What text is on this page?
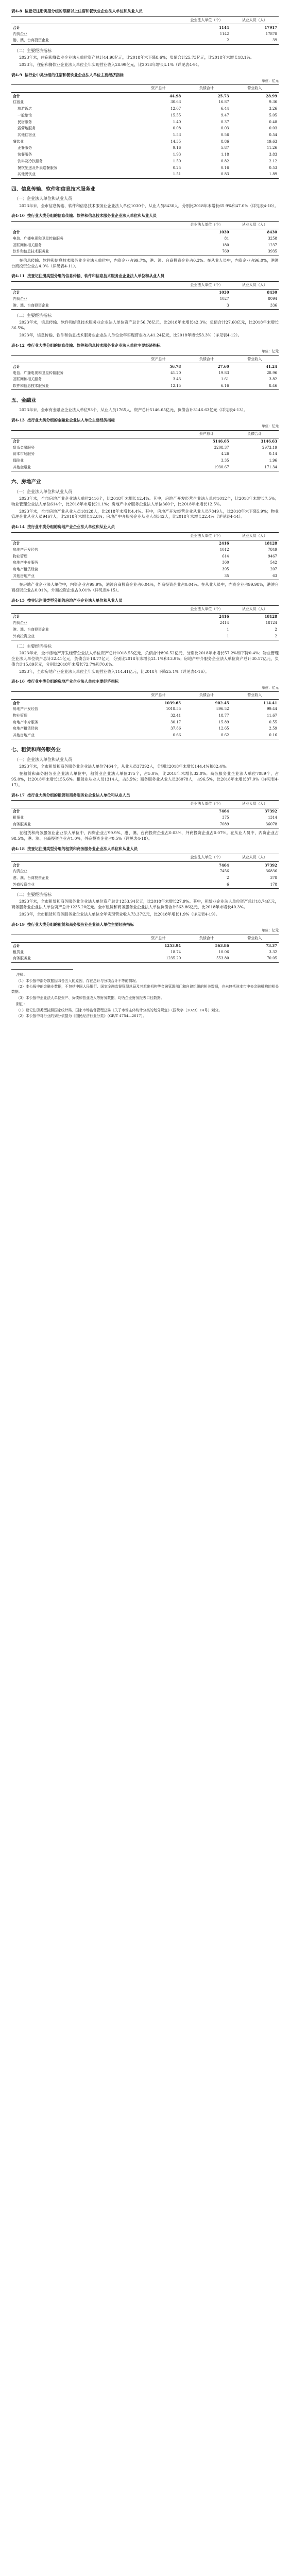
表4-8 按登记注册类型分组的限额以上住宿和餐饮业企业法人单位和从业人员
	企业法人单位（个）	从业人员（人）
合计	1144	17917
内资企业	1142	17878
港、澳、台商投资企业	2	39
（二）主要经济指标

2023年末，住宿和餐饮业企业法人单位资产总计44.98亿元，比2018年末下降8.6%；负债合计25.73亿元，比2018年末增长18.1%。

2023年，住宿和餐饮业企业法人单位全年实现营业收入28.99亿元，比2018年增长4.1%（详见表4-9）。

表4-9 按行业中类分组的住宿和餐饮业企业法人单位主要经济指标
单位：亿元
	资产总计	负债合计	营业收入
合计	44.98	25.73	28.99
住宿业	30.63	16.87	9.36
旅游饭店	12.07	6.44	3.26
一般旅馆	15.55	9.47	5.05
民宿服务	1.40	0.37	0.48
露营地服务	0.08	0.03	0.03
其他住宿业	1.53	0.56	0.54
餐饮业	14.35	8.86	19.63
正餐服务	9.16	5.87	11.26
快餐服务	1.93	1.18	3.83
饮料及冷饮服务	1.50	0.82	2.12
餐饮配送及外卖送餐服务	0.25	0.16	0.53
其他餐饮业	1.51	0.83	1.89
四、信息传输、软件和信息技术服务业
（一）企业法人单位和从业人员

2023年末，全市信息传输、软件和信息技术服务业企业法人单位1030个，从业人员8430人，分别比2018年末增长65.9%和47.0%（详见表4-10）。

表4-10 按行业大类分组的信息传输、软件和信息技术服务业企业法人单位和从业人员
	企业法人单位（个）	从业人员（人）
合计	1030	8430
电信、广播电视和卫星传输服务	81	3258
互联网和相关服务	180	1237
软件和信息技术服务业	769	3935

在信息传输、软件和信息技术服务业企业法人单位中，内资企业占99.7%，港、澳、台商投资企业占0.3%。在从业人员中，内资企业占96.0%，港澳台商投资企业占4.0%（详见表4-11）。

表4-11 按登记注册类型分组的信息传输、软件和信息技术服务业企业法人单位和从业人员
	企业法人单位（个）	从业人员（人）
合计	1030	8430
内资企业	1027	8094
港、澳、台商投资企业	3	336
（二）主要经济指标

2023年末，信息传输、软件和信息技术服务业企业法人单位资产总计56.78亿元，比2018年末增长42.3%；负债合计27.60亿元，比2018年末增长36.5%。

2023年，信息传输、软件和信息技术服务业企业法人单位全年实现营业收入41.24亿元，比2018年增长53.3%（详见表4-12）。

表4-12 按行业大类分组的信息传输、软件和信息技术服务业企业法人单位主要经济指标
单位：亿元
	资产总计	负债合计	营业收入
合计	56.78	27.60	41.24
电信、广播电视和卫星传输服务	41.20	19.83	28.96
互联网和相关服务	3.43	1.61	3.82
软件和信息技术服务业	12.15	6.16	8.46
五、金融业

2023年末，全市有金融业企业法人单位93个，从业人员1765人，资产总计5146.65亿元，负债合计3146.63亿元（详见表4-13）。

表4-13 按行业大类分组的金融业企业法人单位主要经济指标
单位：亿元
	资产总计	负债合计
合计	5146.65	3146.63
货币金融服务	3208.37	2973.19
资本市场服务	4.26	0.14
保险业	3.35	1.96
其他金融业	1930.67	171.34
六、房地产业
（一）企业法人单位和从业人员

2023年末，全市房地产业企业法人单位2416个，比2018年末增长12.4%。其中，房地产开发经营企业法人单位1012个，比2018年末增长7.5%；物业管理企业法人单位614个，比2018年末增长21.1%；房地产中介服务企业法人单位360个，比2018年末增长12.5%。

2023年末，全市房地产业从业人员18128人，比2018年末增长4.4%。其中，房地产开发经营企业从业人员7849人，比2018年末下降5.9%；物业管理企业从业人员9467人，比2018年末增长12.8%；房地产中介服务企业从业人员542人，比2018年末增长22.4%（详见表4-14）。

表4-14 按行业中类分组的房地产业企业法人单位和从业人员
	企业法人单位（个）	从业人员（人）
合计	2416	18128
房地产开发经营	1012	7849
物业管理	614	9467
房地产中介服务	360	542
房地产租赁经营	395	207
其他房地产业	35	63

在房地产业企业法人单位中，内资企业占99.9%，港澳台商投资企业占0.04%，外商投资企业占0.04%。在从业人员中，内资企业占99.98%，港澳台商投资企业占0.01%，外商投资企业占0.01%（详见表4-15）。

表4-15 按登记注册类型分组的房地产业企业法人单位和从业人员
	企业法人单位（个）	从业人员（人）
合计	2416	18128
内资企业	2414	18124
港、澳、台商投资企业	1	2
外商投资企业	1	2
（二）主要经济指标

2023年末，全市房地产开发经营企业法人单位资产总计1018.55亿元，负债合计896.52亿元，分别比2018年末增长57.2%和下降0.4%；物业管理企业法人单位资产总计32.41亿元，负债合计18.77亿元，分别比2018年末增长21.1%和13.9%；房地产中介服务企业法人单位资产总计30.17亿元，负债合计15.89亿元，分别比2018年末增长72.7%和70.0%。

2023年，全市房地产业企业法人单位全年实现营业收入114.41亿元，比2018年下降25.1%（详见表4-16）。

表4-16 按行业中类分组的房地产业企业法人单位主要经济指标
单位：亿元
	资产总计	负债合计	营业收入
合计	1039.65	902.45	114.41
房地产开发经营	1018.55	896.52	99.44
物业管理	32.41	18.77	11.67
房地产中介服务	30.17	15.89	0.55
房地产租赁经营	37.86	12.65	2.59
其他房地产业	0.66	0.62	0.16
七、租赁和商务服务业
（一）企业法人单位和从业人员

2023年末，全市租赁和商务服务业企业法人单位7464个，从业人员37392人，分别比2018年末增长144.4%和82.4%。

在租赁和商务服务业企业法人单位中，租赁业企业法人单位375个，占5.0%，比2018年末增长32.0%；商务服务业企业法人单位7089个，占95.0%，比2018年末增长155.6%。租赁业从业人员1314人，占3.5%；商务服务业从业人员36078人，占96.5%，比2018年末增长87.0%（详见表4-17）。

表4-17 按行业大类分组的租赁和商务服务业企业法人单位和从业人员
	企业法人单位（个）	从业人员（人）
合计	7464	37392
租赁业	375	1314
商务服务业	7089	36078

在租赁和商务服务业企业法人单位中，内资企业占99.9%，港、澳、台商投资企业占0.03%，外商投资企业占0.07%。在从业人员中，内资企业占98.5%，港、澳、台商投资企业占1.0%，外商投资企业占0.5%（详见表4-18）。

表4-18 按登记注册类型分组的租赁和商务服务业企业法人单位和从业人员
	企业法人单位（个）	从业人员（人）
合计	7464	37392
内资企业	7456	36836
港、澳、台商投资企业	2	378
外商投资企业	6	178
（二）主要经济指标

2023年末，全市租赁和商务服务业企业法人单位资产总计1253.94亿元，比2018年末增长27.9%。其中，租赁业企业法人单位资产总计18.74亿元，商务服务业企业法人单位资产总计1235.20亿元。全市租赁和商务服务业企业法人单位负债合计563.86亿元，比2018年末增长40.3%。

2023年，全市租赁和商务服务业企业法人单位全年实现营业收入73.37亿元，比2018年增长1.9%（详见表4-19）。

表4-19 按行业大类分组的租赁和商务服务业企业法人单位主要经济指标
单位：亿元
	资产总计	负债合计	营业收入
合计	1253.94	563.86	73.37
租赁业	18.74	10.06	3.32
商务服务业	1235.20	553.80	70.05

注释：

（1）本公报中部分数据因四舍五入的原因，存在总计与分项合计不等的情况。

（2）本公报中的金融业数据，不包括中国人民银行、国家金融监督管理总局及其派出机构等金融管理部门和自律组织的相关数据，也未包括驻本市中央金融机构的相关数据。

（3）本公报中企业法人单位资产、负债和营业收入等财务数据，均为企业财务报表口径数据。

附注：

（1）登记注册类型按照国家统计局、国家市场监督管理总局《关于市场主体统计分类的划分规定》（国统字〔2023〕14号）划分。

（2）本公报中对行业的划分依据为《国民经济行业分类》（GB/T 4754—2017）。
